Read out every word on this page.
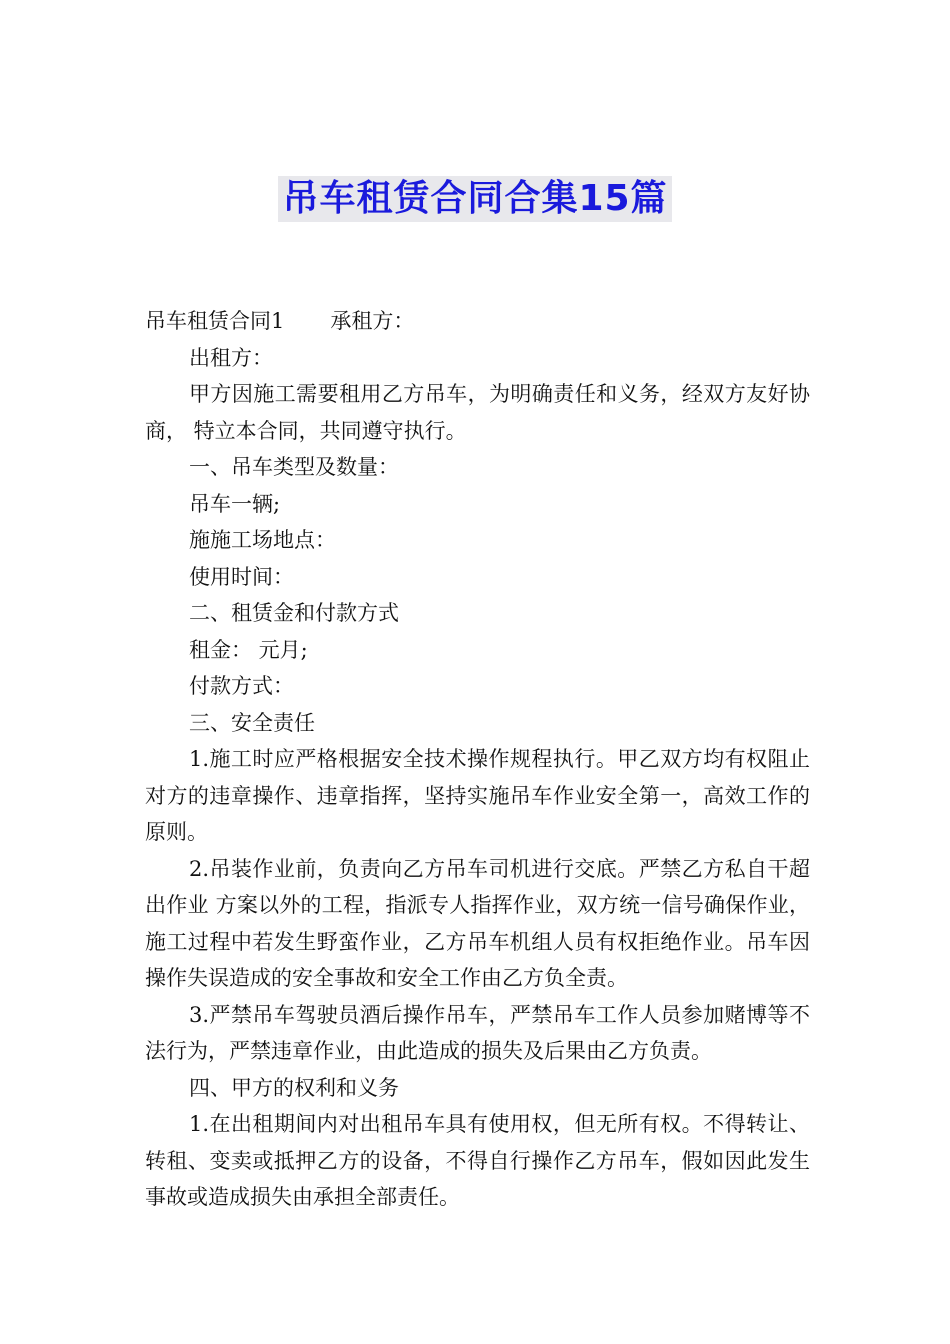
吊车租赁合同合集15篇

吊车租赁合同1 承租方：

出租方：

甲方因施工需要租用乙方吊车，为明确责任和义务，经双方友好协商， 特立本合同，共同遵守执行。

一、吊车类型及数量：

吊车一辆;

施施工场地点：

使用时间：

二、租赁金和付款方式

租金： 元月;

付款方式：

三、安全责任

1.施工时应严格根据安全技术操作规程执行。甲乙双方均有权阻止对方的违章操作、违章指挥，坚持实施吊车作业安全第一，高效工作的原则。

2.吊装作业前，负责向乙方吊车司机进行交底。严禁乙方私自干超出作业 方案以外的工程，指派专人指挥作业，双方统一信号确保作业，施工过程中若发生野蛮作业，乙方吊车机组人员有权拒绝作业。吊车因操作失误造成的安全事故和安全工作由乙方负全责。

3.严禁吊车驾驶员酒后操作吊车，严禁吊车工作人员参加赌博等不法行为，严禁违章作业，由此造成的损失及后果由乙方负责。

四、甲方的权利和义务

1.在出租期间内对出租吊车具有使用权，但无所有权。不得转让、转租、变卖或抵押乙方的设备，不得自行操作乙方吊车，假如因此发生事故或造成损失由承担全部责任。
